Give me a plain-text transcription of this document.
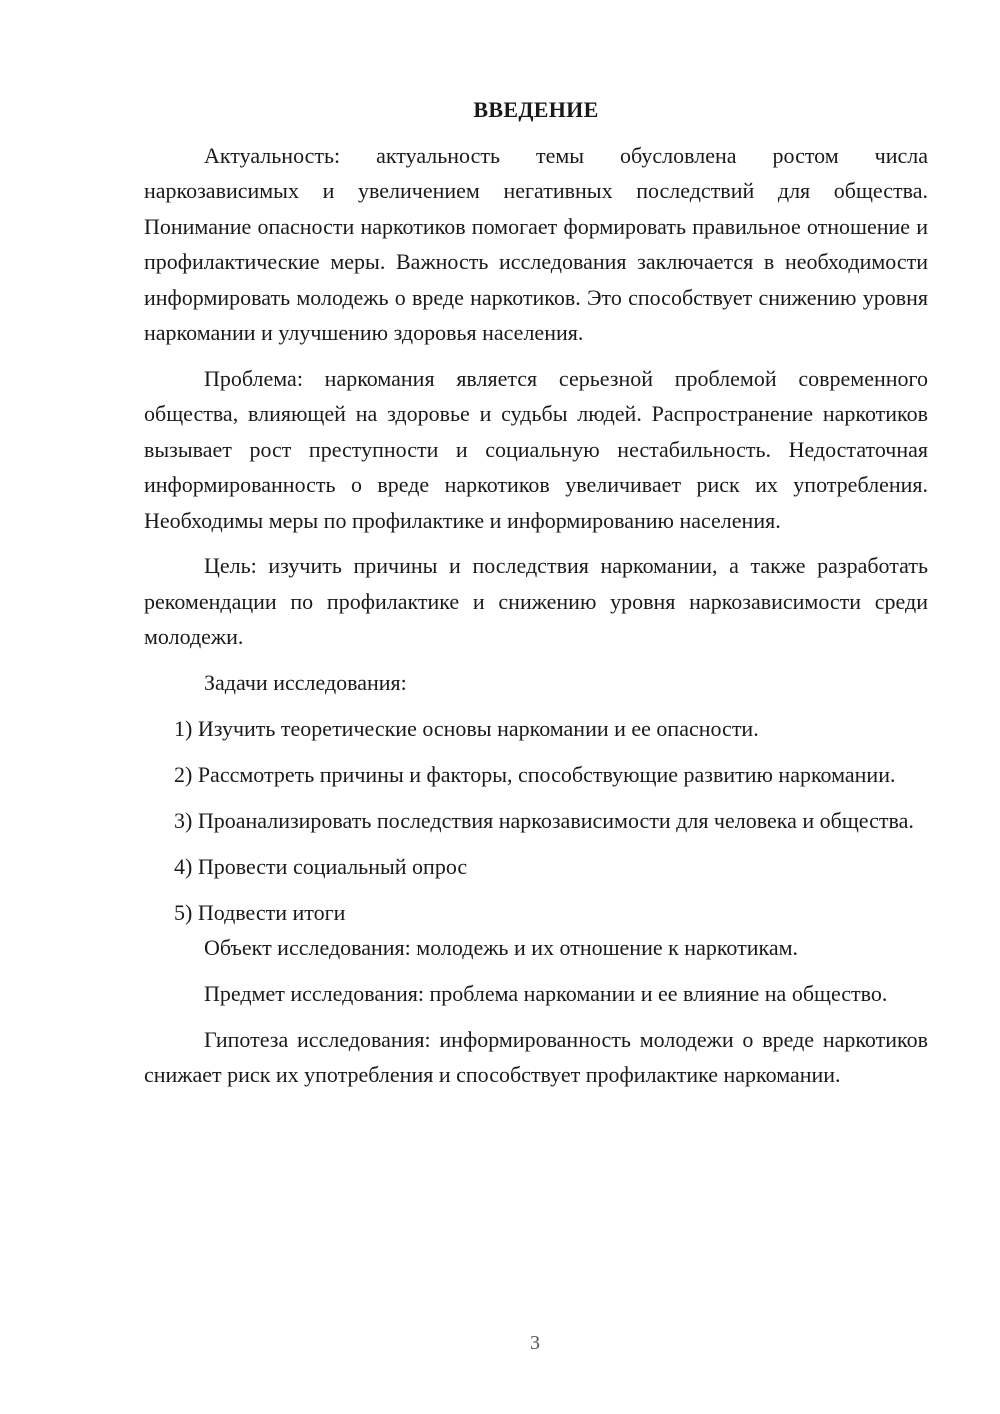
ВВЕДЕНИЕ

Актуальность: актуальность темы обусловлена ростом числа наркозависимых и увеличением негативных последствий для общества. Понимание опасности наркотиков помогает формировать правильное отношение и профилактические меры. Важность исследования заключается в необходимости информировать молодежь о вреде наркотиков. Это способствует снижению уровня наркомании и улучшению здоровья населения.

Проблема: наркомания является серьезной проблемой современного общества, влияющей на здоровье и судьбы людей. Распространение наркотиков вызывает рост преступности и социальную нестабильность. Недостаточная информированность о вреде наркотиков увеличивает риск их употребления. Необходимы меры по профилактике и информированию населения.

Цель: изучить причины и последствия наркомании, а также разработать рекомендации по профилактике и снижению уровня наркозависимости среди молодежи.

Задачи исследования:

1) Изучить теоретические основы наркомании и ее опасности.

2) Рассмотреть причины и факторы, способствующие развитию наркомании.

3) Проанализировать последствия наркозависимости для человека и общества.

4) Провести социальный опрос

5) Подвести итоги

Объект исследования: молодежь и их отношение к наркотикам.

Предмет исследования: проблема наркомании и ее влияние на общество.

Гипотеза исследования: информированность молодежи о вреде наркотиков снижает риск их употребления и способствует профилактике наркомании.

3
